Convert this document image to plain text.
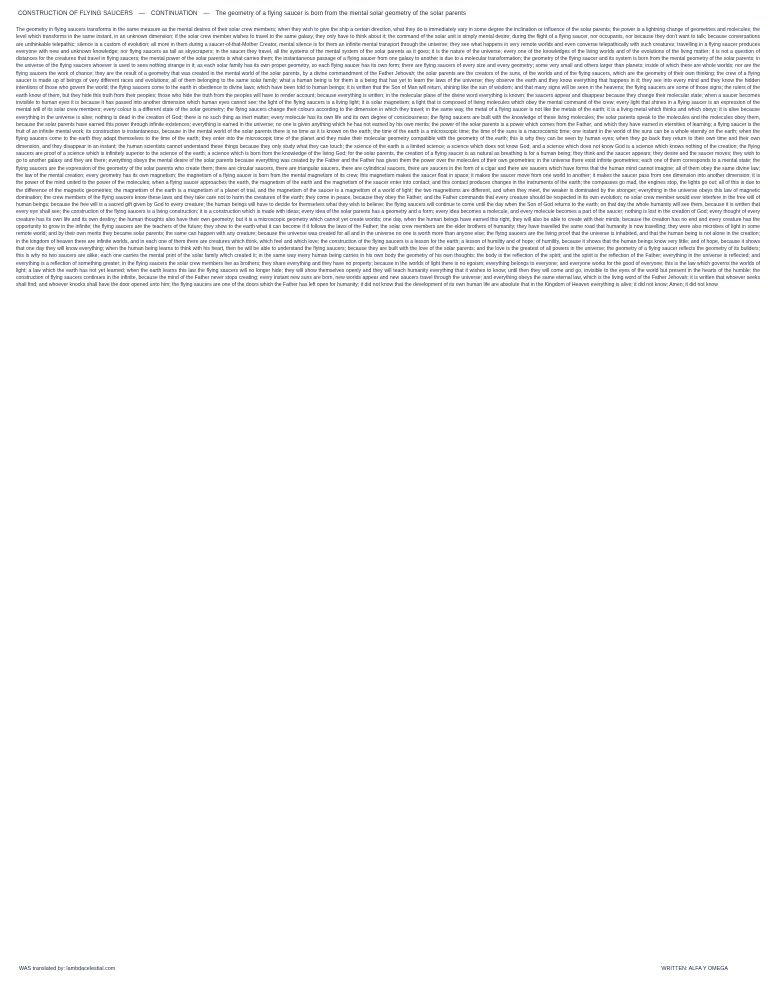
CONSTRUCTION OF FLYING SAUCERS — CONTINUATION — The geometry of a flying saucer is born from the mental solar geometry of the solar parents

The geometry in flying saucers transforms in the same measure as the mental desires of their solar crew members; when they wish to give the ship a certain direction, what they do is immediately vary in some degree the inclination or influence of the solar parents; the power is a lightning change of geometries and molecules; the level which transforms in the same instant, in an unknown dimension; if the solar crew member wishes to travel to the same galaxy, they only have to think about it; the command of the solar unit is simply mental desire; during the flight of a flying saucer, nor occupants, nor because they don't want to talk; because conversations are unthinkable telepathic; silence is a custom of evolution; all more in them during a saucer-of-that-Mother Creator, mental silence is for them an infinite mental transport through the universe; they see what happens in very remote worlds and even converse telepathically with such creatures; travelling in a flying saucer produces everyone with new and unknown knowledge; nor flying saucers as tall as skyscrapers; in the saucer they travel, all the systems of the mental system of the solar parents as it goes; it is the nature of the universe; every one of the knowledges of the living worlds and of the evolutions of the living matter; it is not a question of distances for the creatures that travel in flying saucers; the mental power of the solar parents is what carries them; the instantaneous passage of a flying saucer from one galaxy to another is due to a molecular transformation; the geometry of the flying saucer and its system is born from the mental geometry of the solar parents; in the universe of the flying saucers whoever is used to sees nothing strange in it; as each solar family has its own proper geometry, so each flying saucer has its own form; there are flying saucers of every size and every geometry; some very small and others larger than planets; inside of which there are whole worlds; nor are the flying saucers the work of chance; they are the result of a geometry that was created in the mental world of the solar parents, by a divine commandment of the Father Jehovah; the solar parents are the creators of the suns, of the worlds and of the flying saucers, which are the geometry of their own thinking; the crew of a flying saucer is made up of beings of very different races and evolutions; all of them belonging to the same solar family; what a human being is for them is a being that has yet to learn the laws of the universe; they observe the earth and they know everything that happens in it; they see into every mind and they know the hidden intentions of those who govern the world; the flying saucers come to the earth in obedience to divine laws; which have been told to human beings; it is written that the Son of Man will return, shining like the sun of wisdom; and that many signs will be seen in the heavens; the flying saucers are some of those signs; the rulers of the earth know of them, but they hide this truth from their peoples; those who hide the truth from the peoples will have to render account; because everything is written; in the molecular plane of the divine word everything is known; the saucers appear and disappear because they change their molecular state; when a saucer becomes invisible to human eyes it is because it has passed into another dimension which human eyes cannot see; the light of the flying saucers is a living light; it is solar magnetism; a light that is composed of living molecules which obey the mental command of the crew; every light that shines in a flying saucer is an expression of the mental will of its solar crew members; every colour is a different state of the solar geometry; the flying saucers change their colours according to the dimension in which they travel; in the same way, the metal of a flying saucer is not like the metals of the earth; it is a living metal which thinks and which obeys; it is alive because everything in the universe is alive; nothing is dead in the creation of God; there is no such thing as inert matter; every molecule has its own life and its own degree of consciousness; the flying saucers are built with the knowledge of these living molecules; the solar parents speak to the molecules and the molecules obey them, because the solar parents have earned this power through infinite existences; everything is earned in the universe; no one is given anything which he has not earned by his own merits; the power of the solar parents is a power which comes from the Father; and which they have earned in eternities of learning; a flying saucer is the fruit of an infinite mental work; its construction is instantaneous, because in the mental world of the solar parents there is no time as it is known on the earth; the time of the earth is a microscopic time; the time of the suns is a macrocosmic time; one instant in the world of the suns can be a whole eternity on the earth; when the flying saucers come to the earth they adapt themselves to the time of the earth; they enter into the microscopic time of the planet and they make their molecular geometry compatible with the geometry of the earth; this is why they can be seen by human eyes; when they go back they return to their own time and their own dimension, and they disappear in an instant; the human scientists cannot understand these things because they only study what they can touch; the science of the earth is a limited science; a science which does not know God; and a science which does not know God is a science which knows nothing of the creation; the flying saucers are proof of a science which is infinitely superior to the science of the earth; a science which is born from the knowledge of the living God; for the solar parents, the creation of a flying saucer is as natural as breathing is for a human being; they think and the saucer appears; they desire and the saucer moves; they wish to go to another galaxy and they are there; everything obeys the mental desire of the solar parents because everything was created by the Father and the Father has given them the power over the molecules of their own geometries; in the universe there exist infinite geometries; each one of them corresponds to a mental state; the flying saucers are the expression of the geometry of the solar parents who create them; there are circular saucers, there are triangular saucers, there are cylindrical saucers, there are saucers in the form of a cigar and there are saucers which have forms that the human mind cannot imagine; all of them obey the same divine law; the law of the mental creation; every geometry has its own magnetism; the magnetism of a flying saucer is born from the mental magnetism of its crew; this magnetism makes the saucer float in space; it makes the saucer move from one world to another; it makes the saucer pass from one dimension into another dimension; it is the power of the mind united to the power of the molecules; when a flying saucer approaches the earth, the magnetism of the earth and the magnetism of the saucer enter into contact; and this contact produces changes in the instruments of the earth; the compasses go mad, the engines stop, the lights go out; all of this is due to the difference of the magnetic geometries; the magnetism of the earth is a magnetism of a planet of trial, and the magnetism of the saucer is a magnetism of a world of light; the two magnetisms are different, and when they meet, the weaker is dominated by the stronger; everything in the universe obeys this law of magnetic domination; the crew members of the flying saucers know these laws and they take care not to harm the creatures of the earth; they come in peace, because they obey the Father; and the Father commands that every creature should be respected in its own evolution; no solar crew member would ever interfere in the free will of human beings; because the free will is a sacred gift given by God to every creature; the human beings will have to decide for themselves what they wish to believe; the flying saucers will continue to come until the day when the Son of God returns to the earth; on that day the whole humanity will see them, because it is written that every eye shall see; the construction of the flying saucers is a living construction; it is a construction which is made with ideas; every idea of the solar parents has a geometry and a form; every idea becomes a molecule, and every molecule becomes a part of the saucer; nothing is lost in the creation of God; every thought of every creature has its own life and its own destiny; the human thoughts also have their own geometry; but it is a microscopic geometry which cannot yet create worlds; one day, when the human beings have earned this right, they will also be able to create with their minds; because the creation has no end and every creature has the opportunity to grow in the infinite; the flying saucers are the teachers of the future; they show to the earth what it can become if it follows the laws of the Father; the solar crew members are the elder brothers of humanity; they have travelled the same road that humanity is now travelling; they were also microbes of light in some remote world; and by their own merits they became solar parents; the same can happen with any creature; because the universe was created for all and in the universe no one is worth more than anyone else; the flying saucers are the living proof that the universe is inhabited, and that the human being is not alone in the creation; in the kingdom of heaven there are infinite worlds, and in each one of them there are creatures which think, which feel and which love; the construction of the flying saucers is a lesson for the earth; a lesson of humility and of hope; of humility, because it shows that the human beings know very little; and of hope, because it shows that one day they will know everything; when the human being learns to think with his heart, then he will be able to understand the flying saucers; because they are built with the love of the solar parents; and the love is the greatest of all powers in the universe; the geometry of a flying saucer reflects the geometry of its builders; this is why no two saucers are alike; each one carries the mental print of the solar family which created it; in the same way every human being carries in his own body the geometry of his own thoughts; the body is the reflection of the spirit; and the spirit is the reflection of the Father; everything in the universe is reflected; and everything is a reflection of something greater; in the flying saucers the solar crew members live as brothers; they share everything and they have no property; because in the worlds of light there is no egoism; everything belongs to everyone; and everyone works for the good of everyone; this is the law which governs the worlds of light; a law which the earth has not yet learned; when the earth learns this law the flying saucers will no longer hide; they will show themselves openly and they will teach humanity everything that it wishes to know; until then they will come and go, invisible to the eyes of the world but present in the hearts of the humble; the construction of flying saucers continues in the infinite, because the mind of the Father never stops creating; every instant new suns are born, new worlds appear and new saucers travel through the universe; and everything obeys the same eternal law, which is the living word of the Father Jehovah; it is written that whoever seeks shall find; and whoever knocks shall have the door opened unto him; the flying saucers are one of the doors which the Father has left open for humanity; it did not know that the development of its own human life are absolute that in the Kingdom of Heaven everything is alive; it did not know; Amen; it did not know

WAS translated by: lambdacelestial.com	WRITTEN: ALFA Y OMEGA
